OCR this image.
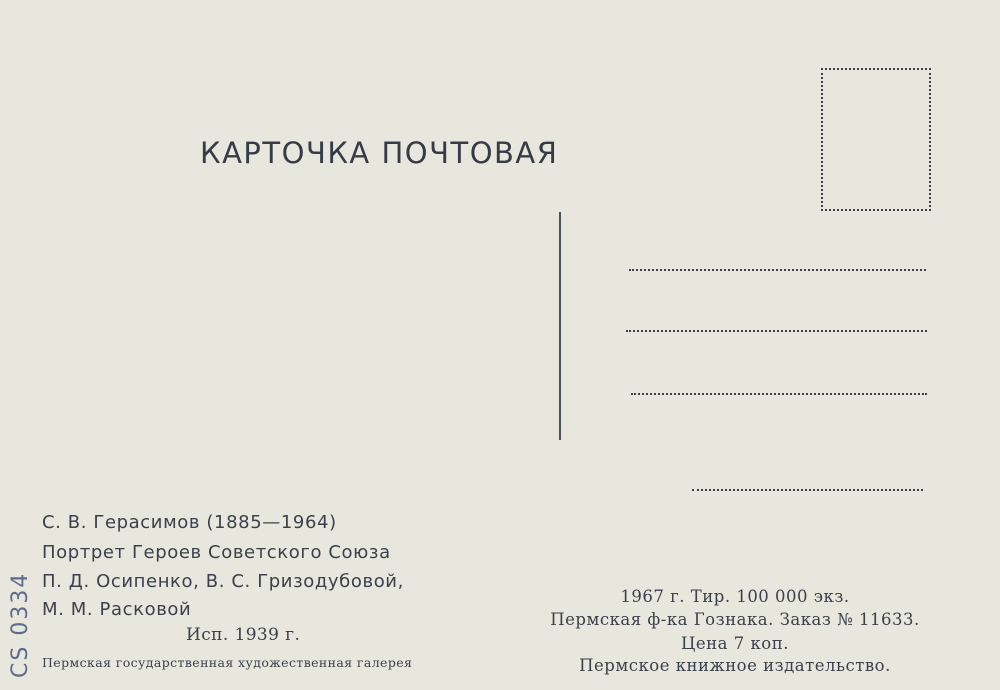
КАРТОЧКА ПОЧТОВАЯ
С. В. Герасимов (1885—1964)
Портрет Героев Советского Союза
П. Д. Осипенко, В. С. Гризодубовой,
М. М. Расковой
Исп. 1939 г.
Пермская государственная художественная галерея
1967 г. Тир. 100 000 экз.
Пермская ф-ка Гознака. Заказ № 11633.
Цена 7 коп.
Пермское книжное издательство.
CS 0334
